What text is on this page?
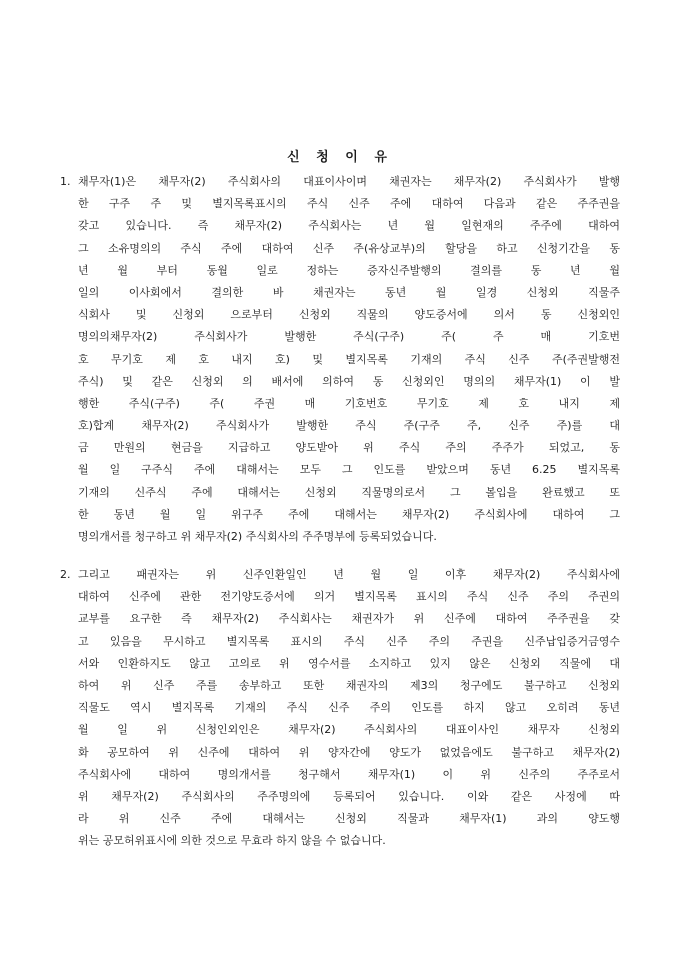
신 청 이 유
1. 채무자(1)은 채무자(2) 주식회사의 대표이사이며 채권자는 채무자(2) 주식회사가 발행
한 구주 주 및 별지목록표시의 주식 신주 주에 대하여 다음과 같은 주주권을
갖고 있습니다. 즉 채무자(2) 주식회사는 년 월 일현재의 주주에 대하여
그 소유명의의 주식 주에 대하여 신주 주(유상교부)의 할당을 하고 신청기간을 동
년 월 부터 동월 일로 정하는 증자신주발행의 결의를 동 년 월
일의 이사회에서 결의한 바 채권자는 동년 월 일경 신청외 직물주
식회사 및 신청외 으로부터 신청외 직물의 양도증서에 의서 동 신청외인
명의의채무자(2) 주식회사가 발행한 주식(구주) 주( 주 매 기호번
호 무기호 제 호 내지 호) 및 별지목록 기재의 주식 신주 주(주권발행전
주식) 및 같은 신청외 의 배서에 의하여 동 신청외인 명의의 채무자(1) 이 발
행한 주식(구주) 주( 주권 매 기호번호 무기호 제 호 내지 제
호)합계 채무자(2) 주식회사가 발행한 주식 주(구주 주, 신주 주)를 대
금 만원의 현금을 지급하고 양도받아 위 주식 주의 주주가 되었고, 동
월 일 구주식 주에 대해서는 모두 그 인도를 받았으며 동년 6.25 별지목록
기재의 신주식 주에 대해서는 신청외 직물명의로서 그 볼입을 완료했고 또
한 동년 월 일 위구주 주에 대해서는 채무자(2) 주식회사에 대하여 그
명의개서를 청구하고 위 채무자(2) 주식회사의 주주명부에 등록되었습니다.
2. 그리고 패권자는 위 신주인환일인 년 월 일 이후 채무자(2) 주식회사에
대하여 신주에 관한 전기양도증서에 의거 별지목록 표시의 주식 신주 주의 주권의
교부를 요구한 즉 채무자(2) 주식회사는 채권자가 위 신주에 대하여 주주권을 갖
고 있음을 무시하고 별지목록 표시의 주식 신주 주의 주권을 신주납입증거금영수
서와 인환하지도 않고 고의로 위 영수서를 소지하고 있지 않은 신청외 직물에 대
하여 위 신주 주를 송부하고 또한 채권자의 제3의 청구에도 불구하고 신청외
직물도 역시 별지목록 기재의 주식 신주 주의 인도를 하지 않고 오히려 동년
월 일 위 신청인외인은 채무자(2) 주식회사의 대표이사인 채무자 신청외
화 공모하여 위 신주에 대하여 위 양자간에 양도가 없었음에도 불구하고 채무자(2)
주식회사에 대하여 명의개서를 청구해서 채무자(1) 이 위 신주의 주주로서
위 채무자(2) 주식회사의 주주명의에 등록되어 있습니다. 이와 같은 사정에 따
라 위 신주 주에 대해서는 신청외 직물과 채무자(1) 과의 양도행
위는 공모허위표시에 의한 것으로 무효라 하지 않을 수 없습니다.
